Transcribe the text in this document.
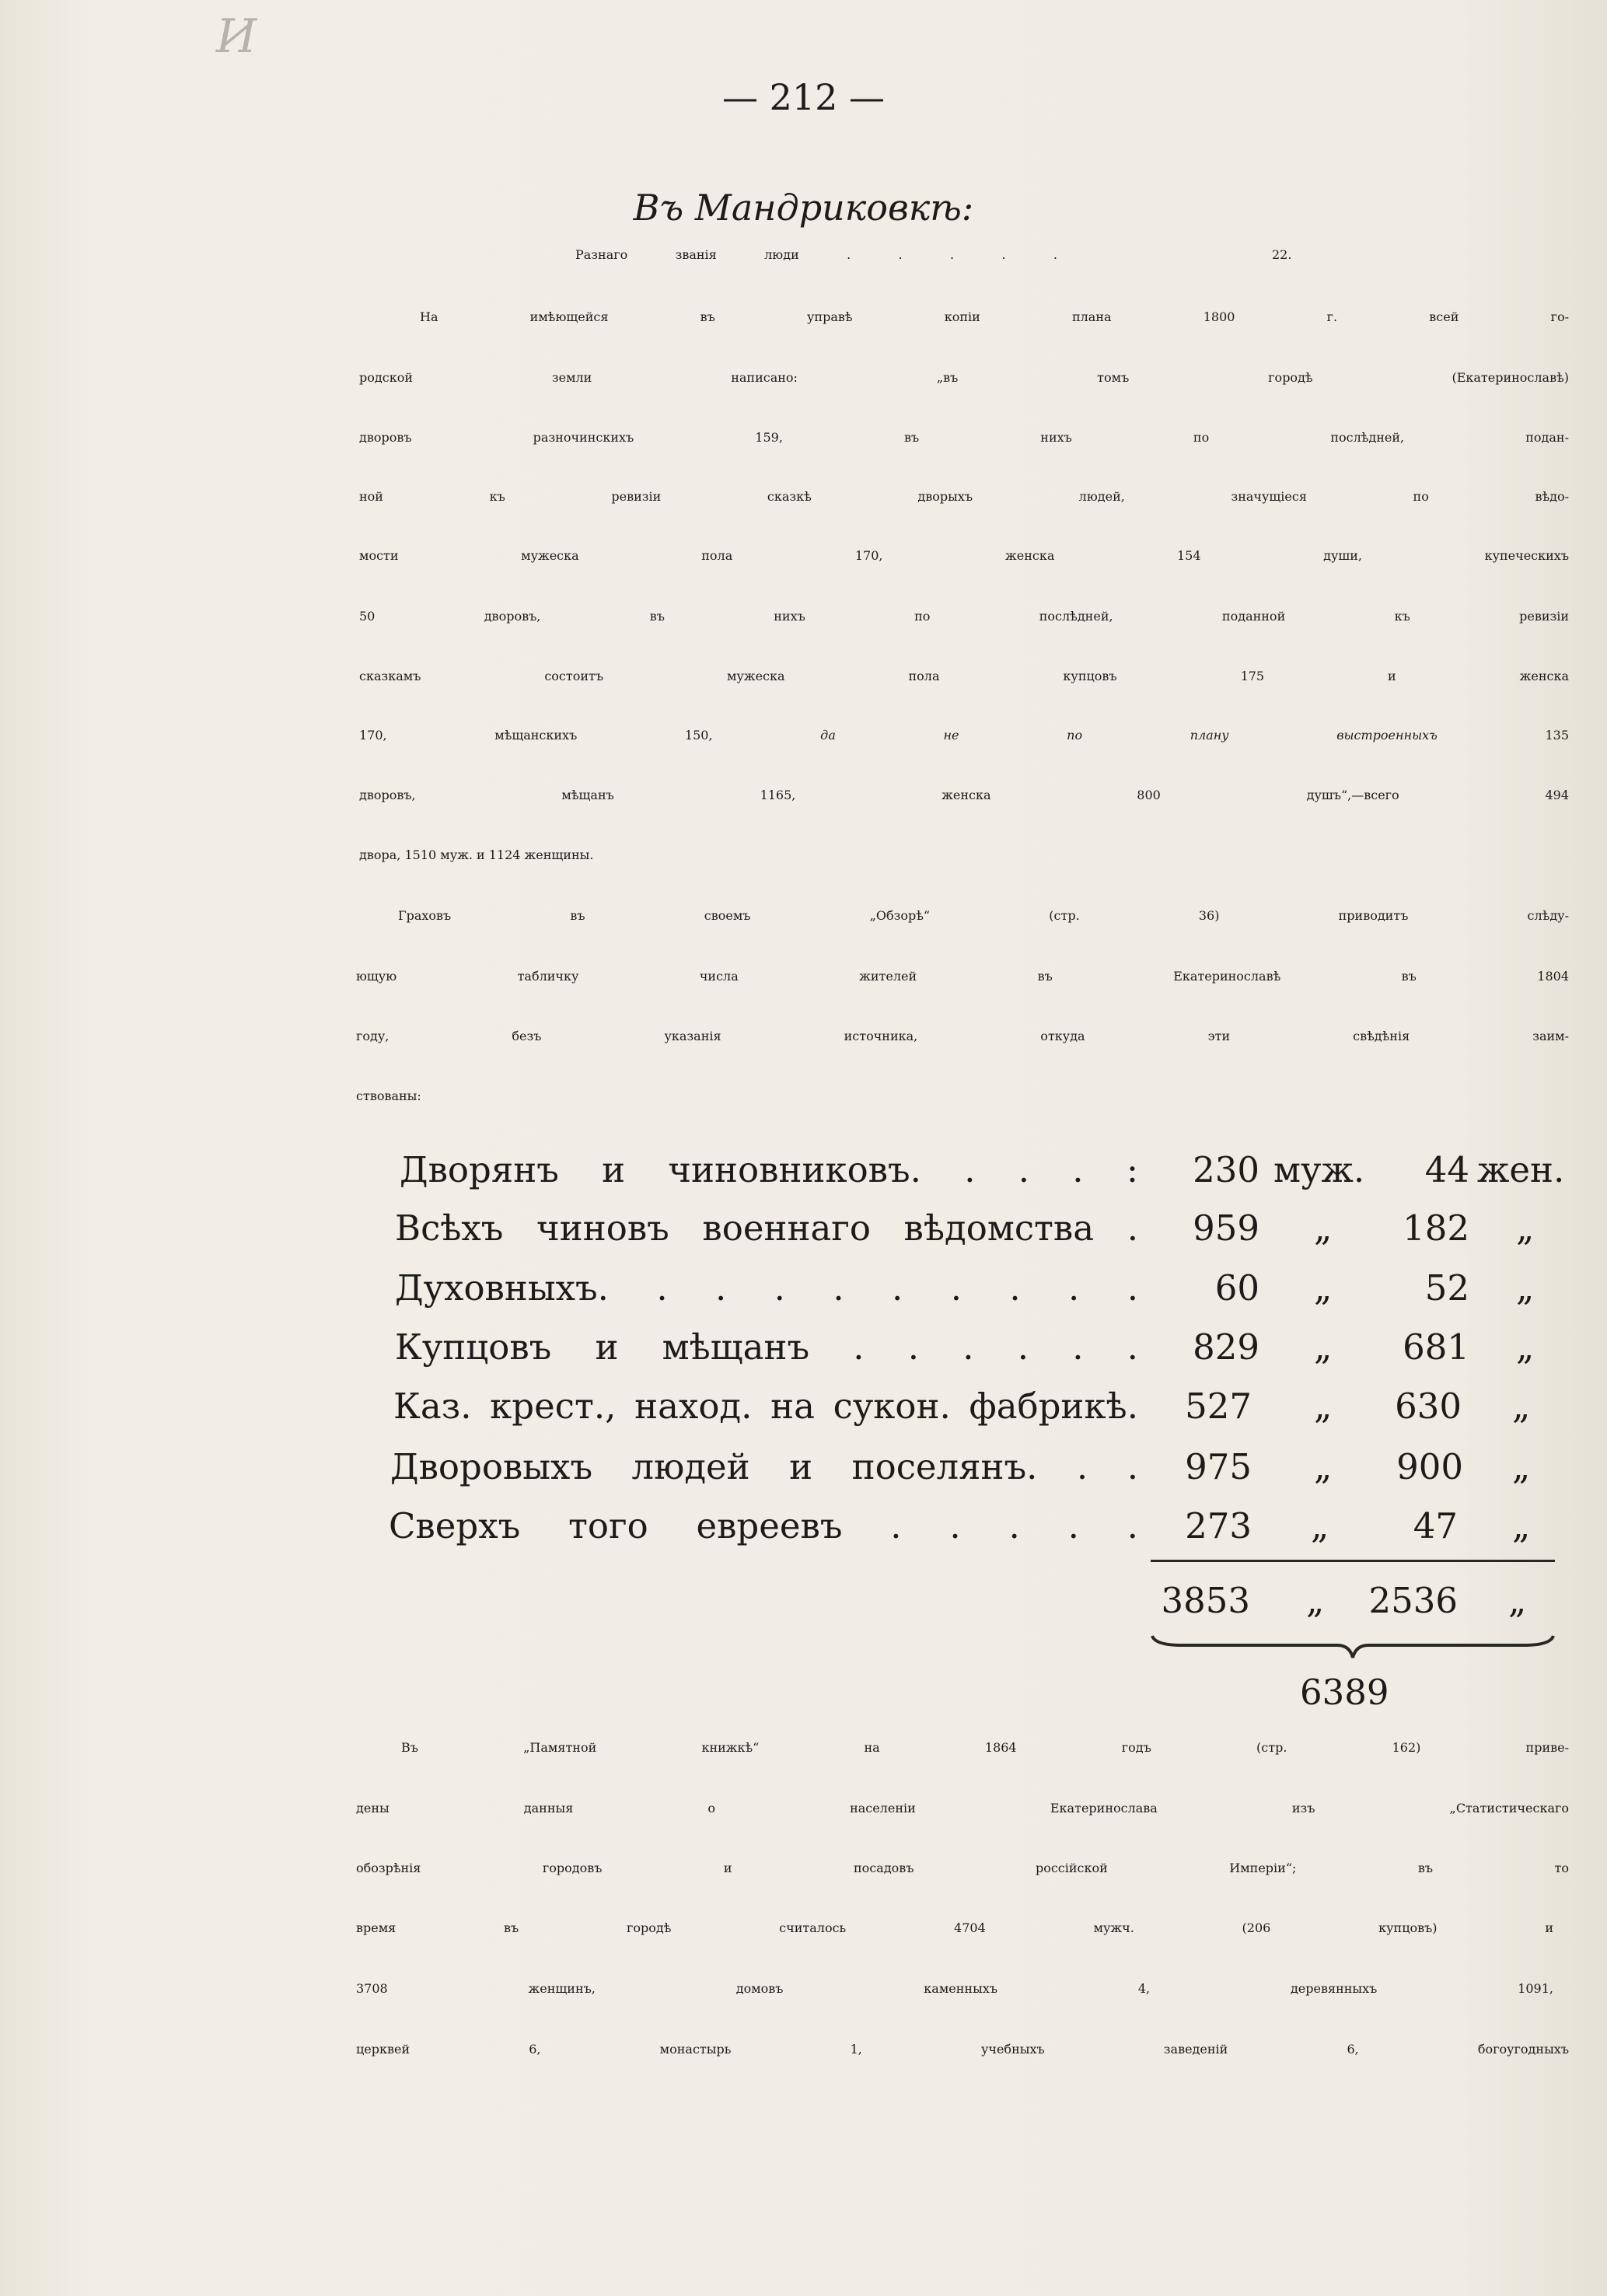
И
— 212 —
Въ Мандриковкѣ:
Разнаго званія люди . . . . .	22.
На имѣющейся въ управѣ копіи плана 1800 г. всей го-
родской земли написано: „въ томъ городѣ (Екатеринославѣ)
дворовъ разночинскихъ 159, въ нихъ по послѣдней, подан-
ной къ ревизіи сказкѣ дворыхъ людей, значущіеся по вѣдо-
мости мужеска пола 170, женска 154 души, купеческихъ
50 дворовъ, въ нихъ по послѣдней, поданной къ ревизіи
сказкамъ состоитъ мужеска пола купцовъ 175 и женска
170, мѣщанскихъ 150,	да не по плану выстроенныхъ	135
дворовъ, мѣщанъ 1165, женска 800 душъ“,—всего 494
двора, 1510 муж. и 1124 женщины.
Граховъ въ своемъ „Обзорѣ“ (стр. 36) приводитъ слѣду-
ющую табличку числа жителей въ Екатеринославѣ въ 1804
году, безъ указанія источника, откуда эти свѣдѣнія заим-
ствованы:
Дворянъ и чиновниковъ. . . . :	230 муж.	44 жен.
Всѣхъ чиновъ военнаго вѣдомства .	959 „	182 „
Духовныхъ. . . . . . . . . .	60 „	52 „
Купцовъ и мѣщанъ . . . . . .	829 „	681 „
Каз. крест., наход. на сукон. фабрикѣ.	527 „	630 „
Дворовыхъ людей и поселянъ. . .	975 „	900 „
Сверхъ того евреевъ . . . . .	273 „	47 „
3853 „	2536 „
6389
Въ „Памятной книжкѣ“ на 1864 годъ (стр. 162) приве-
дены данныя о населеніи Екатеринослава изъ „Статистическаго
обозрѣнія городовъ и посадовъ россійской Имперіи“; въ то
время въ городѣ считалось 4704 мужч. (206 купцовъ) и
3708 женщинъ, домовъ каменныхъ 4, деревянныхъ 1091,
церквей 6, монастырь 1, учебныхъ заведеній 6, богоугодныхъ
